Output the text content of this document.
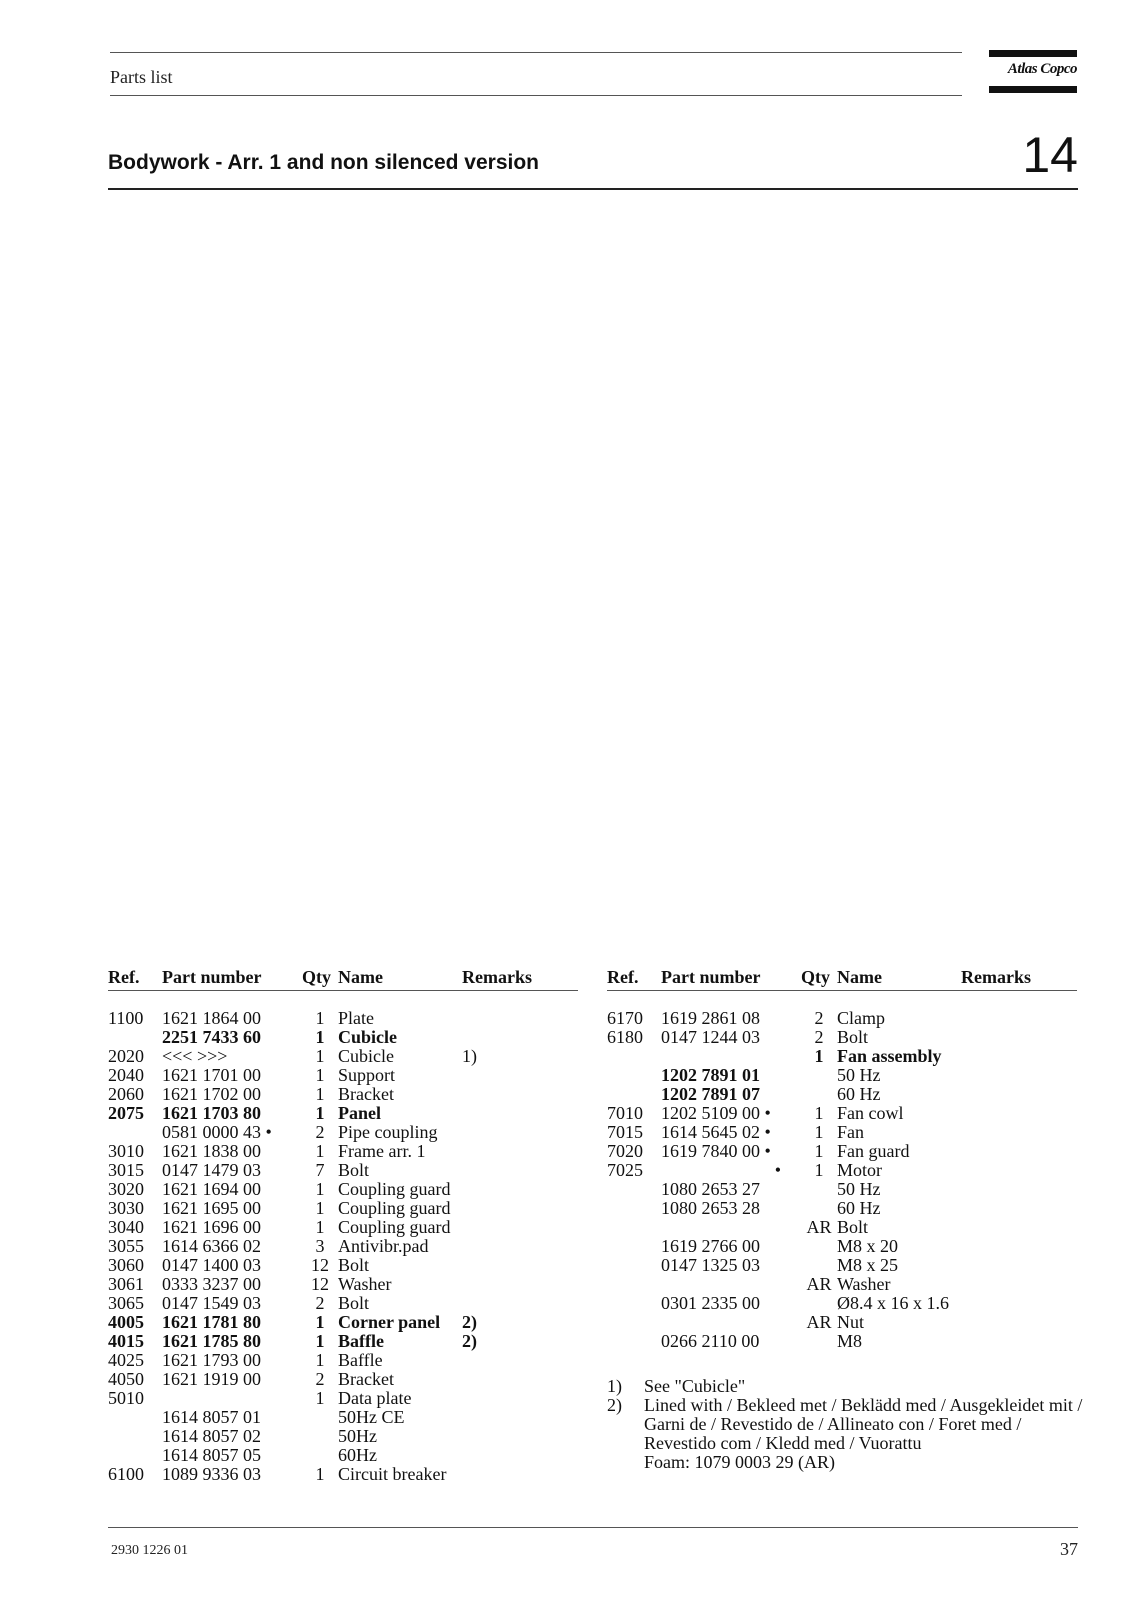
Parts list	Atlas Copco
Bodywork - Arr. 1 and non silenced version	14
Ref.	Part number	Qty	Name	Remarks
1100	1621 1864 00	1	Plate	
	2251 7433 60	1	Cubicle	
2020	<<< >>>	1	Cubicle	1)
2040	1621 1701 00	1	Support	
2060	1621 1702 00	1	Bracket	
2075	1621 1703 80	1	Panel	
	0581 0000 43 •	2	Pipe coupling	
3010	1621 1838 00	1	Frame arr. 1	
3015	0147 1479 03	7	Bolt	
3020	1621 1694 00	1	Coupling guard	
3030	1621 1695 00	1	Coupling guard	
3040	1621 1696 00	1	Coupling guard	
3055	1614 6366 02	3	Antivibr.pad	
3060	0147 1400 03	12	Bolt	
3061	0333 3237 00	12	Washer	
3065	0147 1549 03	2	Bolt	
4005	1621 1781 80	1	Corner panel	2)
4015	1621 1785 80	1	Baffle	2)
4025	1621 1793 00	1	Baffle	
4050	1621 1919 00	2	Bracket	
5010		1	Data plate	
	1614 8057 01		50Hz CE	
	1614 8057 02		50Hz	
	1614 8057 05		60Hz	
6100	1089 9336 03	1	Circuit breaker	
Ref.	Part number	Qty	Name	Remarks
6170	1619 2861 08	2	Clamp	
6180	0147 1244 03	2	Bolt	
		1	Fan assembly	
	1202 7891 01		50 Hz	
	1202 7891 07		60 Hz	
7010	1202 5109 00 •	1	Fan cowl	
7015	1614 5645 02 •	1	Fan	
7020	1619 7840 00 •	1	Fan guard	
7025	•	1	Motor	
	1080 2653 27		50 Hz	
	1080 2653 28		60 Hz	
		AR	Bolt	
	1619 2766 00		M8 x 20	
	0147 1325 03		M8 x 25	
		AR	Washer	
	0301 2335 00		Ø8.4 x 16 x 1.6	
		AR	Nut	
	0266 2110 00		M8	
1)	See "Cubicle"
2)	Lined with / Bekleed met / Beklädd med / Ausgekleidet mit / Garni de / Revestido de / Allineato con / Foret med / Revestido com / Kledd med / Vuorattu
Foam: 1079 0003 29 (AR)
2930 1226 01	37
